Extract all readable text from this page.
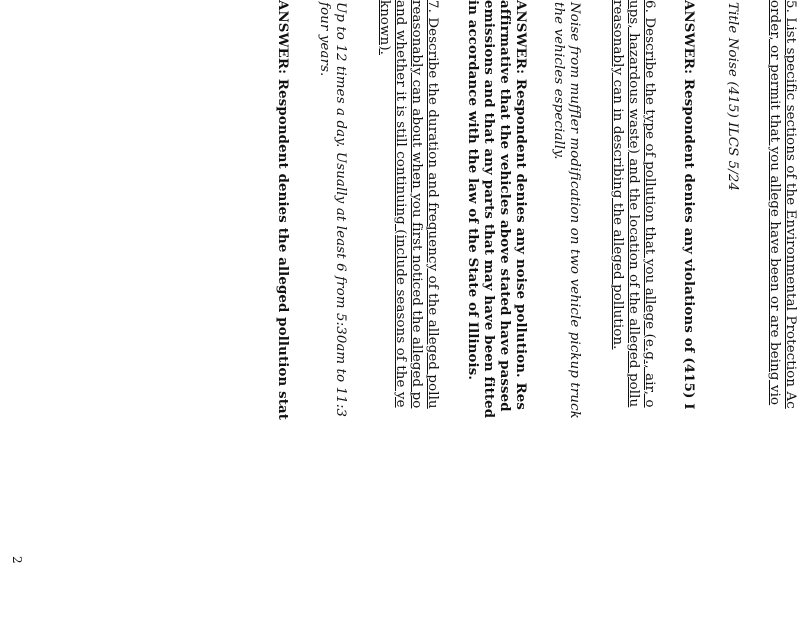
5. List specific sections of the Environmental Protection Ac
order, or permit that you allege have been or are being vio
Title Noise (415) ILCS 5/24
ANSWER: Respondent denies any violations of (415) I
6. Describe the type of pollution that you allege (e.g., air, o
ups, hazardous waste) and the location of the alleged pollu
reasonably can in describing the alleged pollution.
Noise from muffler modification on two vehicle pickup truck
the vehicles especially.
ANSWER: Respondent denies any noise pollution. Res
affirmative that the vehicles above stated have passed
emissions and that any parts that may have been fitted
in accordance with the law of the State of Illinois.
7. Describe the duration and frequency of the alleged pollu
reasonably can about when you first noticed the alleged po
and whether it is still continuing (include seasons of the ye
known).
Up to 12 times a day. Usually at least 6 from 5:30am to 11:3
four years.
ANSWER: Respondent denies the alleged pollution stat
2
